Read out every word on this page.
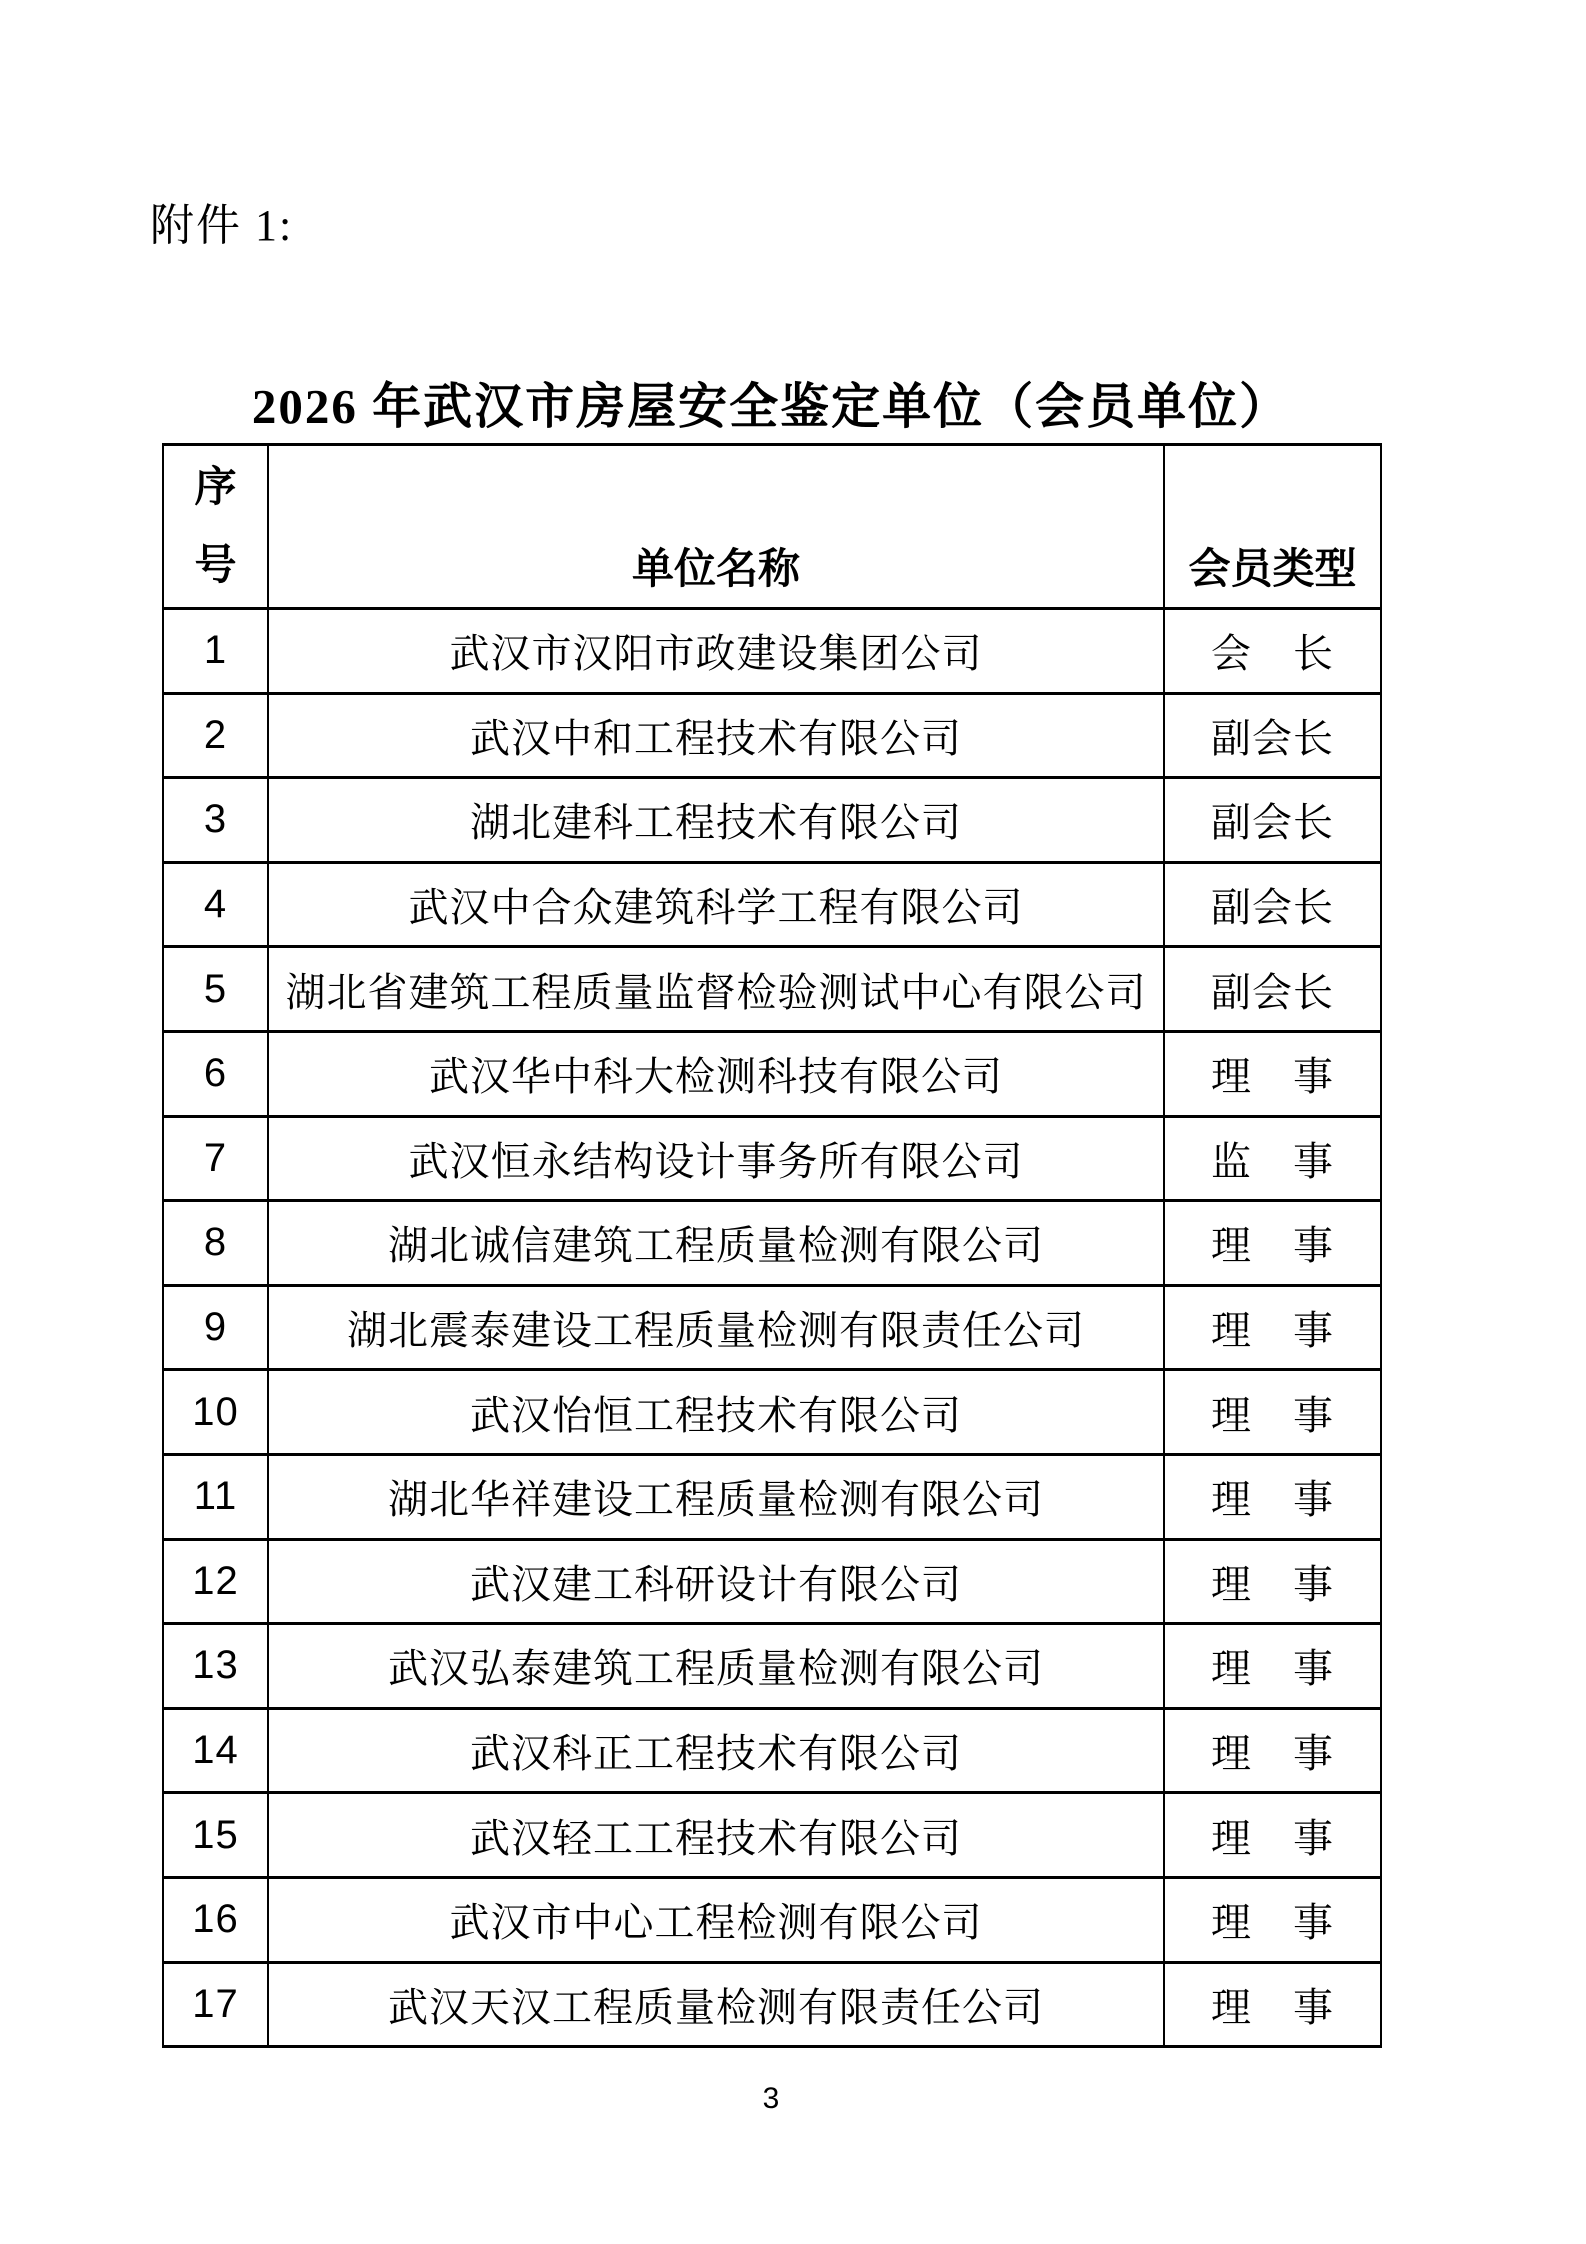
附件 1:
2026 年武汉市房屋安全鉴定单位（会员单位）
序
号	单位名称	会员类型
1	武汉市汉阳市政建设集团公司	会　长
2	武汉中和工程技术有限公司	副会长
3	湖北建科工程技术有限公司	副会长
4	武汉中合众建筑科学工程有限公司	副会长
5	湖北省建筑工程质量监督检验测试中心有限公司	副会长
6	武汉华中科大检测科技有限公司	理　事
7	武汉恒永结构设计事务所有限公司	监　事
8	湖北诚信建筑工程质量检测有限公司	理　事
9	湖北震泰建设工程质量检测有限责任公司	理　事
10	武汉怡恒工程技术有限公司	理　事
11	湖北华祥建设工程质量检测有限公司	理　事
12	武汉建工科研设计有限公司	理　事
13	武汉弘泰建筑工程质量检测有限公司	理　事
14	武汉科正工程技术有限公司	理　事
15	武汉轻工工程技术有限公司	理　事
16	武汉市中心工程检测有限公司	理　事
17	武汉天汉工程质量检测有限责任公司	理　事
3
